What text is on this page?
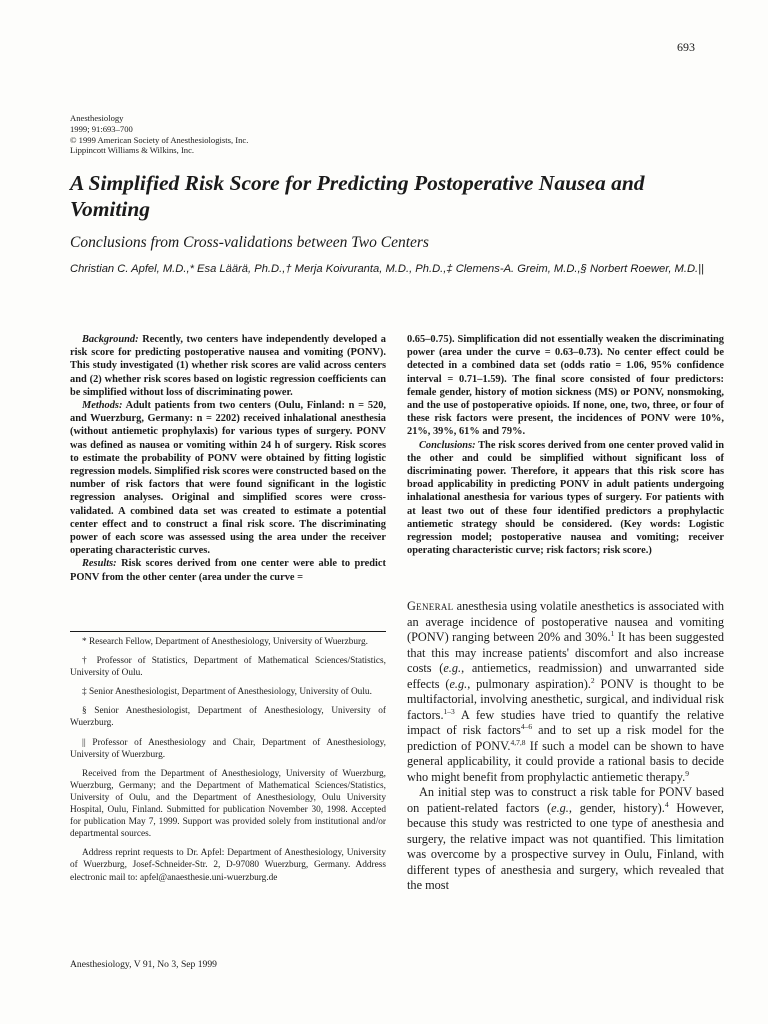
693
Anesthesiology
1999; 91:693–700
© 1999 American Society of Anesthesiologists, Inc.
Lippincott Williams & Wilkins, Inc.
A Simplified Risk Score for Predicting Postoperative Nausea and Vomiting
Conclusions from Cross-validations between Two Centers
Christian C. Apfel, M.D.,* Esa Läärä, Ph.D.,† Merja Koivuranta, M.D., Ph.D.,‡ Clemens-A. Greim, M.D.,§ Norbert Roewer, M.D.||

Background: Recently, two centers have independently developed a risk score for predicting postoperative nausea and vomiting (PONV). This study investigated (1) whether risk scores are valid across centers and (2) whether risk scores based on logistic regression coefficients can be simplified without loss of discriminating power.

Methods: Adult patients from two centers (Oulu, Finland: n = 520, and Wuerzburg, Germany: n = 2202) received inhalational anesthesia (without antiemetic prophylaxis) for various types of surgery. PONV was defined as nausea or vomiting within 24 h of surgery. Risk scores to estimate the probability of PONV were obtained by fitting logistic regression models. Simplified risk scores were constructed based on the number of risk factors that were found significant in the logistic regression analyses. Original and simplified scores were cross-validated. A combined data set was created to estimate a potential center effect and to construct a final risk score. The discriminating power of each score was assessed using the area under the receiver operating characteristic curves.

Results: Risk scores derived from one center were able to predict PONV from the other center (area under the curve =

0.65–0.75). Simplification did not essentially weaken the discriminating power (area under the curve = 0.63–0.73). No center effect could be detected in a combined data set (odds ratio = 1.06, 95% confidence interval = 0.71–1.59). The final score consisted of four predictors: female gender, history of motion sickness (MS) or PONV, nonsmoking, and the use of postoperative opioids. If none, one, two, three, or four of these risk factors were present, the incidences of PONV were 10%, 21%, 39%, 61% and 79%.

Conclusions: The risk scores derived from one center proved valid in the other and could be simplified without significant loss of discriminating power. Therefore, it appears that this risk score has broad applicability in predicting PONV in adult patients undergoing inhalational anesthesia for various types of surgery. For patients with at least two out of these four identified predictors a prophylactic antiemetic strategy should be considered. (Key words: Logistic regression model; postoperative nausea and vomiting; receiver operating characteristic curve; risk factors; risk score.)

* Research Fellow, Department of Anesthesiology, University of Wuerzburg.

† Professor of Statistics, Department of Mathematical Sciences/Statistics, University of Oulu.

‡ Senior Anesthesiologist, Department of Anesthesiology, University of Oulu.

§ Senior Anesthesiologist, Department of Anesthesiology, University of Wuerzburg.

|| Professor of Anesthesiology and Chair, Department of Anesthesiology, University of Wuerzburg.

Received from the Department of Anesthesiology, University of Wuerzburg, Wuerzburg, Germany; and the Department of Mathematical Sciences/Statistics, University of Oulu, and the Department of Anesthesiology, Oulu University Hospital, Oulu, Finland. Submitted for publication November 30, 1998. Accepted for publication May 7, 1999. Support was provided solely from institutional and/or departmental sources.

Address reprint requests to Dr. Apfel: Department of Anesthesiology, University of Wuerzburg, Josef-Schneider-Str. 2, D-97080 Wuerzburg, Germany. Address electronic mail to: apfel@anaesthesie.uni-wuerzburg.de

General anesthesia using volatile anesthetics is associated with an average incidence of postoperative nausea and vomiting (PONV) ranging between 20% and 30%.$^1$ It has been suggested that this may increase patients' discomfort and also increase costs (e.g., antiemetics, readmission) and unwarranted side effects (e.g., pulmonary aspiration).$^2$ PONV is thought to be multifactorial, involving anesthetic, surgical, and individual risk factors.$^{1-3}$ A few studies have tried to quantify the relative impact of risk factors$^{4-6}$ and to set up a risk model for the prediction of PONV.$^{4,7,8}$ If such a model can be shown to have general applicability, it could provide a rational basis to decide who might benefit from prophylactic antiemetic therapy.$^9$

An initial step was to construct a risk table for PONV based on patient-related factors (e.g., gender, history).$^4$ However, because this study was restricted to one type of anesthesia and surgery, the relative impact was not quantified. This limitation was overcome by a prospective survey in Oulu, Finland, with different types of anesthesia and surgery, which revealed that the most

Anesthesiology, V 91, No 3, Sep 1999
